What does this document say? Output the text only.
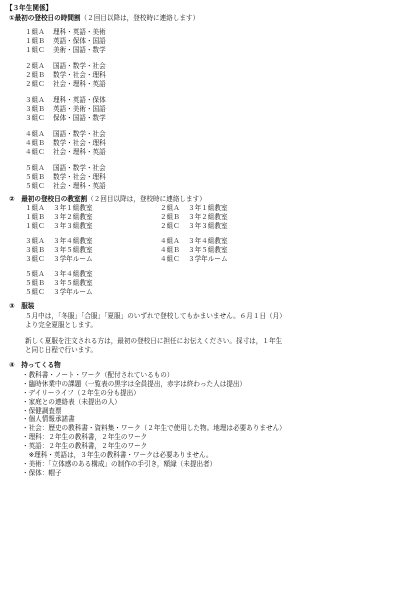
【３年生関係】
①最初の登校日の時間割（２回目以降は，登校時に連絡します）
１組Ａ 理科・英語・美術
１組Ｂ 英語・保体・国語
１組Ｃ 美術・国語・数学
２組Ａ 国語・数学・社会
２組Ｂ 数学・社会・理科
２組Ｃ 社会・理科・英語
３組Ａ 理科・英語・保体
３組Ｂ 英語・美術・国語
３組Ｃ 保体・国語・数学
４組Ａ 国語・数学・社会
４組Ｂ 数学・社会・理科
４組Ｃ 社会・理科・英語
５組Ａ 国語・数学・社会
５組Ｂ 数学・社会・理科
５組Ｃ 社会・理科・英語
②　 最初の登校日の教室割（２回目以降は，登校時に連絡します）
１組Ａ ３年１組教室
１組Ｂ ３年２組教室
１組Ｃ ３年３組教室
３組Ａ ３年４組教室
３組Ｂ ３年５組教室
３組Ｃ ３学年ルーム
５組Ａ ３年４組教室
５組Ｂ ３年５組教室
５組Ｃ ３学年ルーム
２組Ａ ３年１組教室
２組Ｂ ３年２組教室
２組Ｃ ３年３組教室
４組Ａ ３年４組教室
４組Ｂ ３年５組教室
４組Ｃ ３学年ルーム
③　 服装
５月中は，「冬服」「合服」「夏服」のいずれで登校してもかまいません。６月１日（月）
より完全夏服とします。
新しく夏服を注文される方は，最初の登校日に担任にお伝えください。採寸は，１年生
と同じ日程で行います。
④　 持ってくる物
・教科書・ノート・ワーク（配付されているもの）
・臨時休業中の課題（一覧表の黒字は全員提出，赤字は終わった人は提出）
・デイリーライフ（２年生の分も提出）
・家庭との連絡表（未提出の人）
・保健調査票
・個人情報承諾書
・社会：歴史の教科書・資料集・ワーク（２年生で使用した物。地理は必要ありません）
・理科：２年生の教科書，２年生のワーク
・英語：２年生の教科書，２年生のワーク
　※理科・英語は，３年生の教科書・ワークは必要ありません。
・美術：「立体感のある構成」の制作の手引き，額縁（未提出者）
・保体：帽子
